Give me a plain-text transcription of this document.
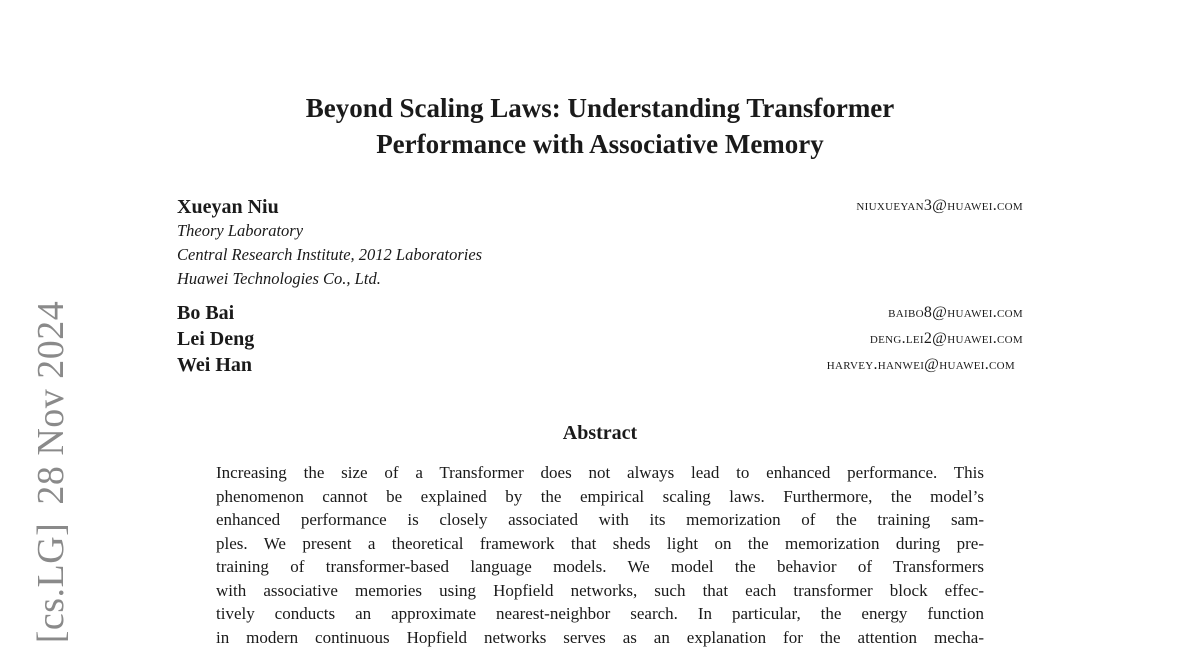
[cs.LG]28 Nov 2024
Beyond Scaling Laws: Understanding Transformer
Performance with Associative Memory
Xueyan Niu	niuxueyan3@huawei.com
Theory Laboratory
Central Research Institute, 2012 Laboratories
Huawei Technologies Co., Ltd.
Bo Bai	baibo8@huawei.com
Lei Deng	deng.lei2@huawei.com
Wei Han	harvey.hanwei@huawei.com
Abstract
Increasing the size of a Transformer does not always lead to enhanced performance. This
phenomenon cannot be explained by the empirical scaling laws. Furthermore, the model’s
enhanced performance is closely associated with its memorization of the training sam-
ples. We present a theoretical framework that sheds light on the memorization during pre-
training of transformer-based language models. We model the behavior of Transformers
with associative memories using Hopfield networks, such that each transformer block effec-
tively conducts an approximate nearest-neighbor search. In particular, the energy function
in modern continuous Hopfield networks serves as an explanation for the attention mecha-
